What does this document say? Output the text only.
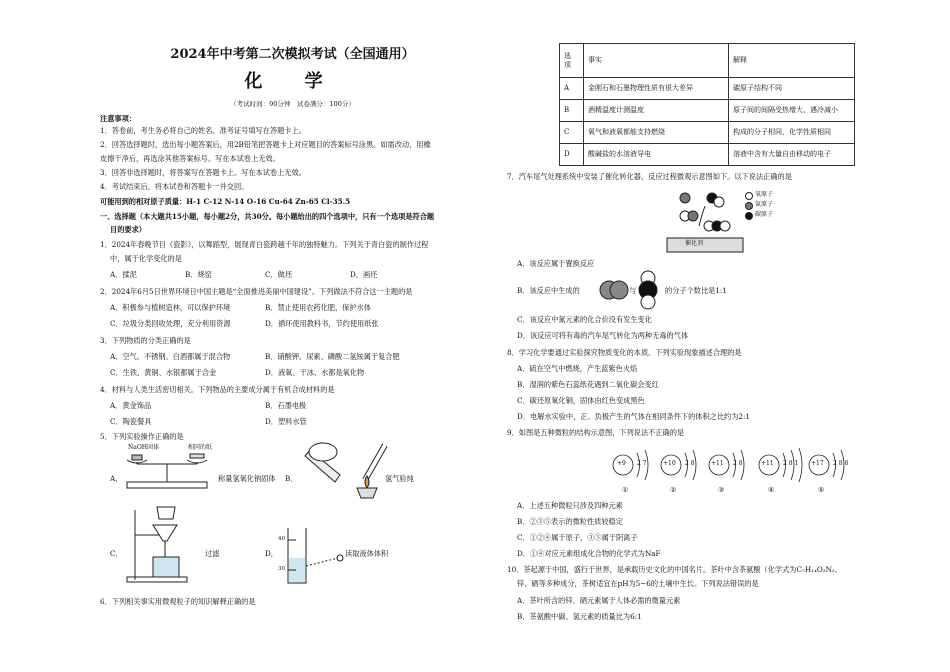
2024年中考第二次模拟考试（全国通用）
化 学
（考试时间：90分钟　试卷满分：100分）
注意事项：
1．答卷前，考生务必将自己的姓名、准考证号填写在答题卡上。
2．回答选择题时，选出每小题答案后，用2B铅笔把答题卡上对应题目的答案标号涂黑。如需改动，用橡
皮擦干净后，再选涂其他答案标号。写在本试卷上无效。
3．回答非选择题时，将答案写在答题卡上。写在本试卷上无效。
4．考试结束后，将本试卷和答题卡一并交回。
可能用到的相对原子质量：H-1 C-12 N-14 O-16 Cu-64 Zn-65 Cl-35.5
一、选择题（本大题共15小题，每小题2分，共30分。每小题给出的四个选项中，只有一个选项是符合题
目的要求）
1．2024年春晚节目《瓷影》，以舞蹈型，展现青白瓷跨越千年的独特魅力。下列关于青白瓷的制作过程
中，属于化学变化的是
A．揉泥	B．烧窑	C．做坯	D．画坯
2．2024年6月5日世界环境日中国主题是“全面推进美丽中国建设”。下列做法不符合这一主题的是
A．积极参与植树造林，可以保护环境	B．禁止使用农药化肥，保护水体
C．垃圾分类回收处理，充分利用资源	D．循环使用教科书，节约使用纸张
3．下列物质的分类正确的是
A．空气、不锈钢、白酒都属于混合物	B．硝酸钾、尿素、磷酸二氢铵属于复合肥
C．生铁、黄铜、水银都属于合金	D．液氧、干冰、水都是氧化物
4．材料与人类生活密切相关。下列物品的主要成分属于有机合成材料的是
A．黄金饰品	B．石墨电极
C．陶瓷餐具	D．塑料水管
5．下列实验操作正确的是
A．
NaOH固体	相同的纸
称量氢氧化钠固体 B．	氢气验纯
C．	过滤	D．
40
30
读取液体体积
6．下列相关事实用微观粒子的知识解释正确的是
选
项	事实	解释
A	金刚石和石墨物理性质有很大差异	碳原子结构不同
B	酒精温度计测温度	原子间的间隔受热增大、遇冷减小
C	氧气和液氧都能支持燃烧	构成的分子相同，化学性质相同
D	酸碱盐的水溶液导电	溶液中含有大量自由移动的电子
7．汽车尾气处理系统中安装了催化转化器，反应过程微观示意图如下。以下说法正确的是
氧原子
氮原子
碳原子
催化剂
A．该反应属于置换反应
B．该反应中生成的	与	的分子个数比是1:1
C．该反应中氮元素的化合价没有发生变化
D．该反应可将有毒的汽车尾气转化为两种无毒的气体
8．学习化学要通过实验探究物质变化的本质。下列实验现象描述合理的是
A．硫在空气中燃烧，产生蓝紫色火焰
B．湿润的紫色石蕊纸花遇到二氧化碳会变红
C．碳还原氧化铜，固体由红色变成黑色
D．电解水实验中，正、负极产生的气体在相同条件下的体积之比约为2:1
9．如图是五种微粒的结构示意图，下列说法不正确的是
+9 2 7
①
+10 2 8
②
+11 2 8
③
+11 2 8 1
④
+17 2 8 8
⑤
A．上述五种微粒只涉及四种元素
B．②③⑤表示的微粒性质较稳定
C．①②④属于原子，③⑤属于阴离子
D．①④对应元素组成化合物的化学式为NaF
10．茶起源于中国，盛行于世界，是承载历史文化的中国名片。茶叶中含茶氨酸（化学式为C₇H₁₄O₃N₂、
锌、硒等多种成分，茶树适宜在pH为5~6的土壤中生长。下列说法错误的是
A．茶叶所含的锌、硒元素属于人体必需的微量元素
B．茶氨酸中碳、氢元素的质量比为6:1
